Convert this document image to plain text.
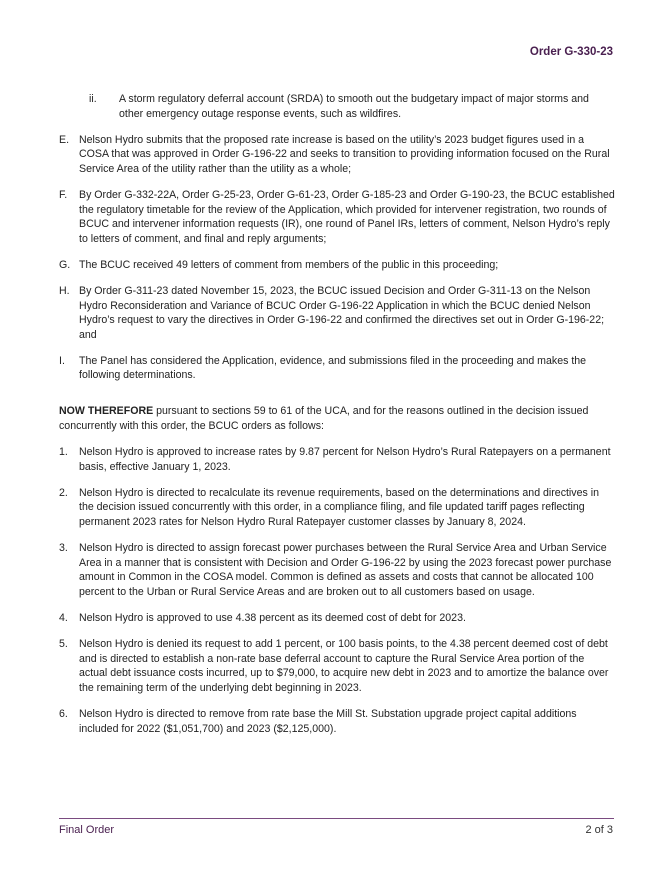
Order G-330-23
ii.	A storm regulatory deferral account (SRDA) to smooth out the budgetary impact of major storms and other emergency outage response events, such as wildfires.
E. Nelson Hydro submits that the proposed rate increase is based on the utility’s 2023 budget figures used in a COSA that was approved in Order G-196-22 and seeks to transition to providing information focused on the Rural Service Area of the utility rather than the utility as a whole;
F.	By Order G-332-22A, Order G-25-23, Order G-61-23, Order G-185-23 and Order G-190-23, the BCUC established the regulatory timetable for the review of the Application, which provided for intervener registration, two rounds of BCUC and intervener information requests (IR), one round of Panel IRs, letters of comment, Nelson Hydro’s reply to letters of comment, and final and reply arguments;
G. The BCUC received 49 letters of comment from members of the public in this proceeding;
H. By Order G-311-23 dated November 15, 2023, the BCUC issued Decision and Order G-311-13 on the Nelson Hydro Reconsideration and Variance of BCUC Order G-196-22 Application in which the BCUC denied Nelson Hydro’s request to vary the directives in Order G-196-22 and confirmed the directives set out in Order G-196-22; and
I.	The Panel has considered the Application, evidence, and submissions filed in the proceeding and makes the following determinations.
NOW THEREFORE pursuant to sections 59 to 61 of the UCA, and for the reasons outlined in the decision issued concurrently with this order, the BCUC orders as follows:
1.	Nelson Hydro is approved to increase rates by 9.87 percent for Nelson Hydro’s Rural Ratepayers on a permanent basis, effective January 1, 2023.
2.	Nelson Hydro is directed to recalculate its revenue requirements, based on the determinations and directives in the decision issued concurrently with this order, in a compliance filing, and file updated tariff pages reflecting permanent 2023 rates for Nelson Hydro Rural Ratepayer customer classes by January 8, 2024.
3.	Nelson Hydro is directed to assign forecast power purchases between the Rural Service Area and Urban Service Area in a manner that is consistent with Decision and Order G-196-22 by using the 2023 forecast power purchase amount in Common in the COSA model. Common is defined as assets and costs that cannot be allocated 100 percent to the Urban or Rural Service Areas and are broken out to all customers based on usage.
4.	Nelson Hydro is approved to use 4.38 percent as its deemed cost of debt for 2023.
5.	Nelson Hydro is denied its request to add 1 percent, or 100 basis points, to the 4.38 percent deemed cost of debt and is directed to establish a non-rate base deferral account to capture the Rural Service Area portion of the actual debt issuance costs incurred, up to $79,000, to acquire new debt in 2023 and to amortize the balance over the remaining term of the underlying debt beginning in 2023.
6.	Nelson Hydro is directed to remove from rate base the Mill St. Substation upgrade project capital additions included for 2022 ($1,051,700) and 2023 ($2,125,000).
Final Order	2 of 3
